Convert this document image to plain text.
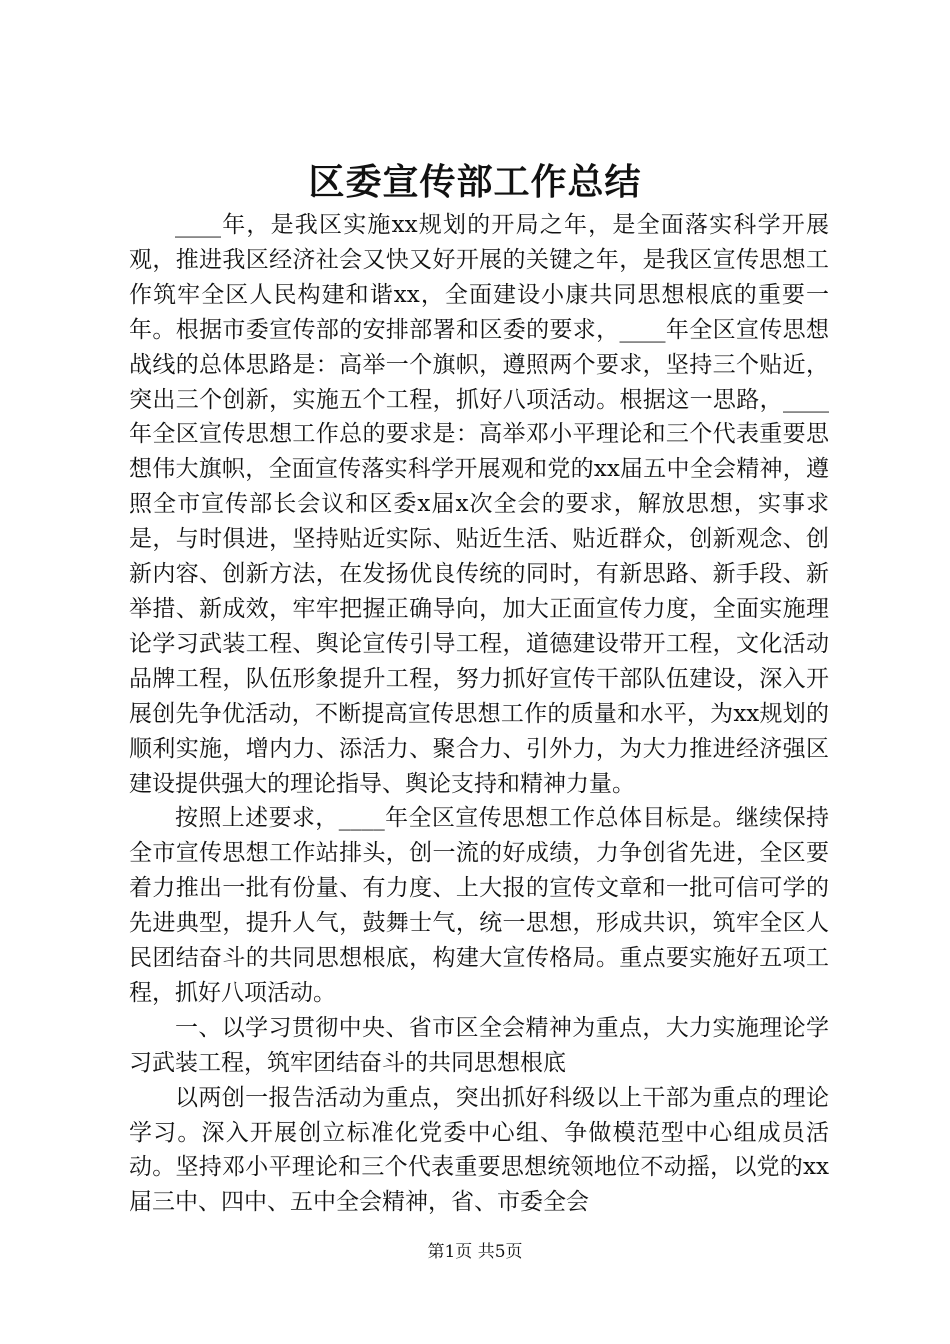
区委宣传部工作总结

____年，是我区实施xx规划的开局之年，是全面落实科学开展观，推进我区经济社会又快又好开展的关键之年，是我区宣传思想工作筑牢全区人民构建和谐xx，全面建设小康共同思想根底的重要一年。根据市委宣传部的安排部署和区委的要求，____年全区宣传思想战线的总体思路是：高举一个旗帜，遵照两个要求，坚持三个贴近，突出三个创新，实施五个工程，抓好八项活动。根据这一思路，____年全区宣传思想工作总的要求是：高举邓小平理论和三个代表重要思想伟大旗帜，全面宣传落实科学开展观和党的xx届五中全会精神，遵照全市宣传部长会议和区委x届x次全会的要求，解放思想，实事求是，与时俱进，坚持贴近实际、贴近生活、贴近群众，创新观念、创新内容、创新方法，在发扬优良传统的同时，有新思路、新手段、新举措、新成效，牢牢把握正确导向，加大正面宣传力度，全面实施理论学习武装工程、舆论宣传引导工程，道德建设带开工程，文化活动品牌工程，队伍形象提升工程，努力抓好宣传干部队伍建设，深入开展创先争优活动，不断提高宣传思想工作的质量和水平，为xx规划的顺利实施，增内力、添活力、聚合力、引外力，为大力推进经济强区建设提供强大的理论指导、舆论支持和精神力量。

按照上述要求，____年全区宣传思想工作总体目标是。继续保持全市宣传思想工作站排头，创一流的好成绩，力争创省先进，全区要着力推出一批有份量、有力度、上大报的宣传文章和一批可信可学的先进典型，提升人气，鼓舞士气，统一思想，形成共识，筑牢全区人民团结奋斗的共同思想根底，构建大宣传格局。重点要实施好五项工程，抓好八项活动。

一、以学习贯彻中央、省市区全会精神为重点，大力实施理论学习武装工程，筑牢团结奋斗的共同思想根底

以两创一报告活动为重点，突出抓好科级以上干部为重点的理论学习。深入开展创立标准化党委中心组、争做模范型中心组成员活动。坚持邓小平理论和三个代表重要思想统领地位不动摇，以党的xx届三中、四中、五中全会精神，省、市委全会

第1页 共5页
